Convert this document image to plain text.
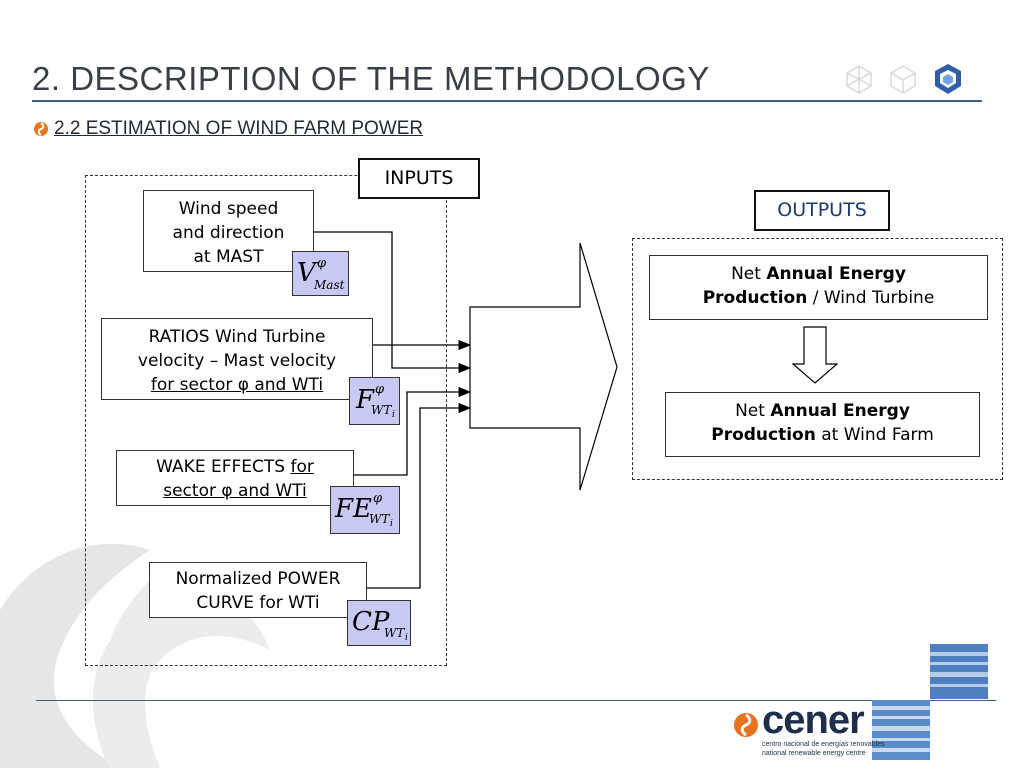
2. DESCRIPTION OF THE METHODOLOGY
2.2 ESTIMATION OF WIND FARM POWER
INPUTS
Wind speed
and direction
at MAST
RATIOS Wind Turbine
velocity – Mast velocity
for sector φ and WTi
WAKE EFFECTS for
sector φ and WTi
Normalized POWER
CURVE for WTi
V φ
Mast
F φ
WT i
FE φ
WT i
CP
WT i
OUTPUTS
Net Annual Energy
Production / Wind Turbine
Net Annual Energy
Production at Wind Farm
cener
centro nacional de energías renovables
national renewable energy centre
